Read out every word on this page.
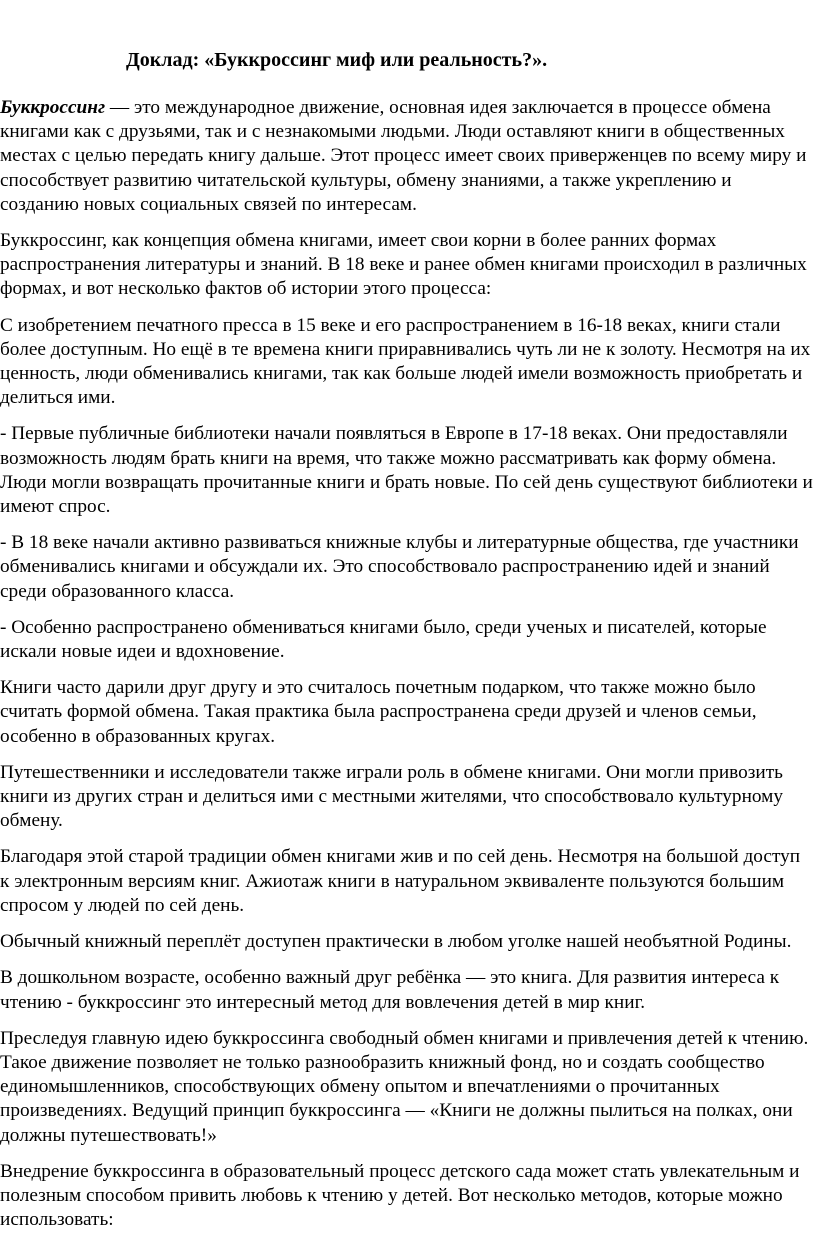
Доклад: «Буккроссинг миф или реальность?».

Буккроссинг — это международное движение, основная идея заключается в процессе обмена книгами как с друзьями, так и с незнакомыми людьми. Люди оставляют книги в общественных местах с целью передать книгу дальше. Этот процесс имеет своих приверженцев по всему миру и способствует развитию читательской культуры, обмену знаниями, а также укреплению и созданию новых социальных связей по интересам.

Буккроссинг, как концепция обмена книгами, имеет свои корни в более ранних формах распространения литературы и знаний. В 18 веке и ранее обмен книгами происходил в различных формах, и вот несколько фактов об истории этого процесса:

С изобретением печатного пресса в 15 веке и его распространением в 16-18 веках, книги стали более доступным. Но ещё в те времена книги приравнивались чуть ли не к золоту. Несмотря на их ценность, люди обменивались книгами, так как больше людей имели возможность приобретать и делиться ими.

- Первые публичные библиотеки начали появляться в Европе в 17-18 веках. Они предоставляли возможность людям брать книги на время, что также можно рассматривать как форму обмена. Люди могли возвращать прочитанные книги и брать новые. По сей день существуют библиотеки и имеют спрос.

- В 18 веке начали активно развиваться книжные клубы и литературные общества, где участники обменивались книгами и обсуждали их. Это способствовало распространению идей и знаний среди образованного класса.

- Особенно распространено обмениваться книгами было, среди ученых и писателей, которые искали новые идеи и вдохновение.

Книги часто дарили друг другу и это считалось почетным подарком, что также можно было считать формой обмена. Такая практика была распространена среди друзей и членов семьи, особенно в образованных кругах.

Путешественники и исследователи также играли роль в обмене книгами. Они могли привозить книги из других стран и делиться ими с местными жителями, что способствовало культурному обмену.

Благодаря этой старой традиции обмен книгами жив и по сей день. Несмотря на большой доступ к электронным версиям книг. Ажиотаж книги в натуральном эквиваленте пользуются большим спросом у людей по сей день.

Обычный книжный переплёт доступен практически в любом уголке нашей необъятной Родины.

В дошкольном возрасте, особенно важный друг ребёнка — это книга. Для развития интереса к чтению - буккроссинг это интересный метод для вовлечения детей в мир книг.

Преследуя главную идею буккроссинга свободный обмен книгами и привлечения детей к чтению. Такое движение позволяет не только разнообразить книжный фонд, но и создать сообщество единомышленников, способствующих обмену опытом и впечатлениями о прочитанных произведениях. Ведущий принцип буккроссинга — «Книги не должны пылиться на полках, они должны путешествовать!»

Внедрение буккроссинга в образовательный процесс детского сада может стать увлекательным и полезным способом привить любовь к чтению у детей. Вот несколько методов, которые можно использовать:
